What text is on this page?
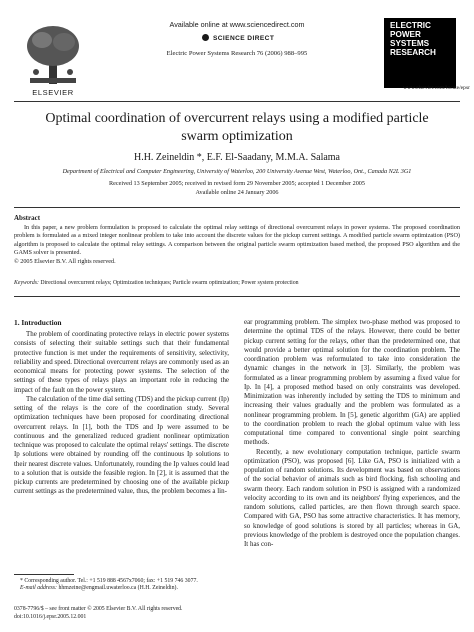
ELSEVIER
Available online at www.sciencedirect.com
SCIENCE DIRECT
Electric Power Systems Research 76 (2006) 988–995
ELECTRIC POWER SYSTEMS RESEARCH
www.elsevier.com/locate/epsr
Optimal coordination of overcurrent relays using a modified particle swarm optimization
H.H. Zeineldin *, E.F. El-Saadany, M.M.A. Salama
Department of Electrical and Computer Engineering, University of Waterloo, 200 University Avenue West, Waterloo, Ont., Canada N2L 3G1
Received 13 September 2005; received in revised form 29 November 2005; accepted 1 December 2005
Available online 24 January 2006
Abstract
In this paper, a new problem formulation is proposed to calculate the optimal relay settings of directional overcurrent relays in power systems. The proposed coordination problem is formulated as a mixed integer nonlinear problem to take into account the discrete values for the pickup current settings. A modified particle swarm optimization (PSO) algorithm is proposed to calculate the optimal relay settings. A comparison between the original particle swarm optimization based method, the proposed PSO algorithm and the GAMS solver is presented.
© 2005 Elsevier B.V. All rights reserved.
Keywords: Directional overcurrent relays; Optimization techniques; Particle swarm optimization; Power system protection
1. Introduction

The problem of coordinating protective relays in electric power systems consists of selecting their suitable settings such that their fundamental protective function is met under the requirements of sensitivity, selectivity, reliability and speed. Directional overcurrent relays are commonly used as an economical means for protecting power systems. The selection of the settings of these types of relays plays an important role in reducing the impact of the fault on the power system.

The calculation of the time dial setting (TDS) and the pickup current (Ip) setting of the relays is the core of the coordination study. Several optimization techniques have been proposed for coordinating directional overcurrent relays. In [1], both the TDS and Ip were assumed to be continuous and the generalized reduced gradient nonlinear optimization technique was proposed to calculate the optimal relays' settings. The discrete Ip solutions were obtained by rounding off the continuous Ip solutions to their nearest discrete values. Unfortunately, rounding the Ip values could lead to a solution that is outside the feasible region. In [2], it is assumed that the pickup currents are predetermined by choosing one of the available pickup current settings as the predetermined value, thus, the problem becomes a lin-

ear programming problem. The simplex two-phase method was proposed to determine the optimal TDS of the relays. However, there could be better pickup current setting for the relays, other than the predetermined one, that would provide a better optimal solution for the coordination problem. The coordination problem was reformulated to take into consideration the dynamic changes in the network in [3]. Similarly, the problem was formulated as a linear programming problem by assuming a fixed value for Ip. In [4], a proposed method based on only constraints was developed. Minimization was inherently included by setting the TDS to minimum and increasing their values gradually and the problem was formulated as a nonlinear programming problem. In [5], genetic algorithm (GA) are applied to the coordination problem to reach the global optimum value with less computational time compared to conventional single point searching methods.

Recently, a new evolutionary computation technique, particle swarm optimization (PSO), was proposed [6]. Like GA, PSO is initialized with a population of random solutions. Its development was based on observations of the social behavior of animals such as bird flocking, fish schooling and swarm theory. Each random solution in PSO is assigned with a randomized velocity according to its own and its neighbors' flying experiences, and the random solutions, called particles, are then flown through search space. Compared with GA, PSO has some attractive characteristics. It has memory, so knowledge of good solutions is stored by all particles; whereas in GA, previous knowledge of the problem is destroyed once the population changes. It has con-

* Corresponding author. Tel.: +1 519 888 4567x7060; fax: +1 519 746 3077.
E-mail address: hhmzeine@engmail.uwaterloo.ca (H.H. Zeineldin).
0378-7796/$ – see front matter © 2005 Elsevier B.V. All rights reserved.
doi:10.1016/j.epsr.2005.12.001
